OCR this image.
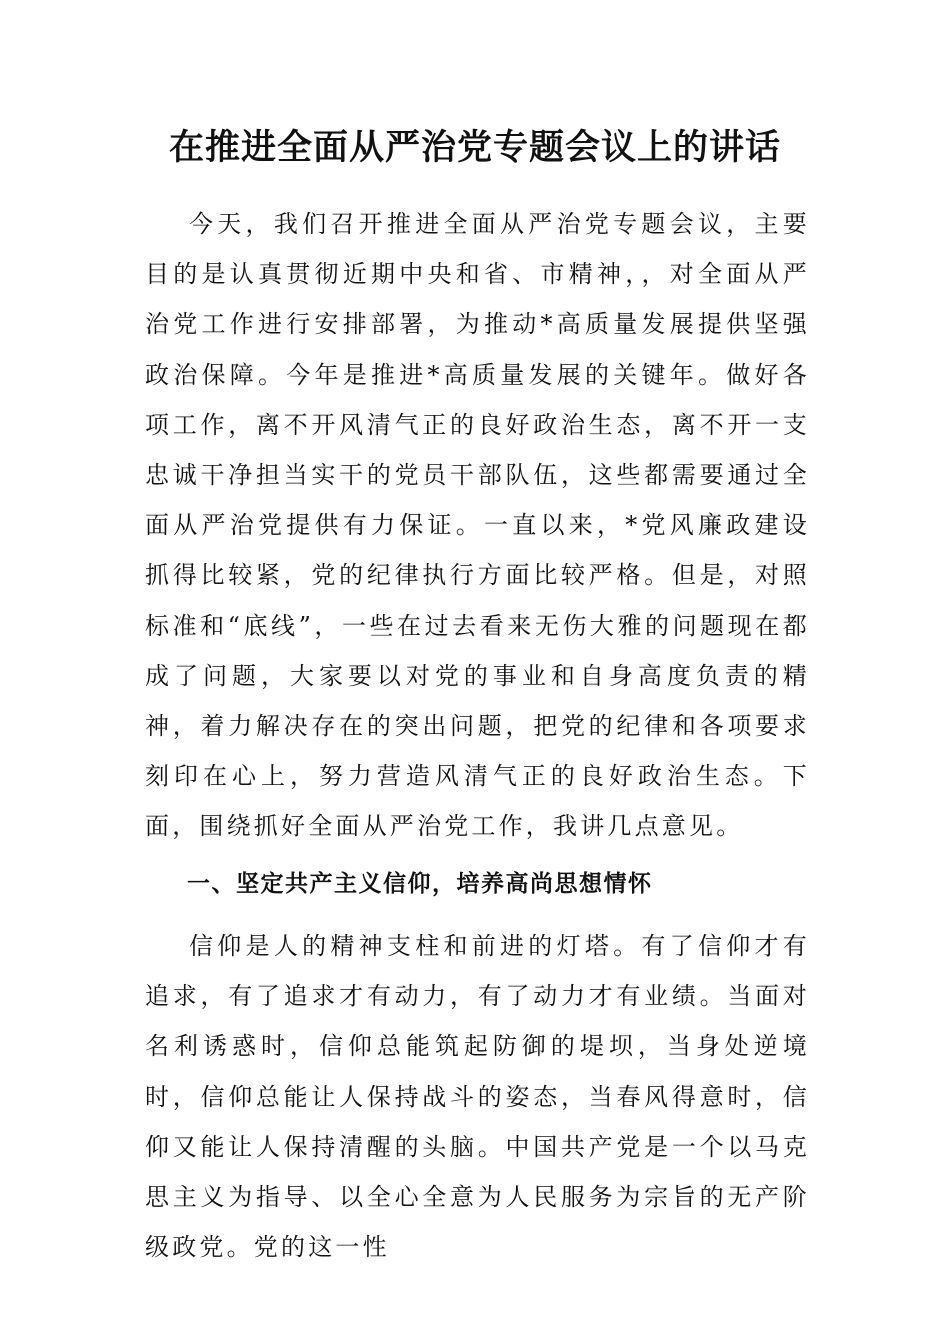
在推进全面从严治党专题会议上的讲话

今天，我们召开推进全面从严治党专题会议，主要目的是认真贯彻近期中央和省、市精神，，对全面从严治党工作进行安排部署，为推动*高质量发展提供坚强政治保障。今年是推进*高质量发展的关键年。做好各项工作，离不开风清气正的良好政治生态，离不开一支忠诚干净担当实干的党员干部队伍，这些都需要通过全面从严治党提供有力保证。一直以来，*党风廉政建设抓得比较紧，党的纪律执行方面比较严格。但是，对照标准和“底线”，一些在过去看来无伤大雅的问题现在都成了问题，大家要以对党的事业和自身高度负责的精神，着力解决存在的突出问题，把党的纪律和各项要求刻印在心上，努力营造风清气正的良好政治生态。下面，围绕抓好全面从严治党工作，我讲几点意见。

一、坚定共产主义信仰，培养高尚思想情怀

信仰是人的精神支柱和前进的灯塔。有了信仰才有追求，有了追求才有动力，有了动力才有业绩。当面对名利诱惑时，信仰总能筑起防御的堤坝，当身处逆境时，信仰总能让人保持战斗的姿态，当春风得意时，信仰又能让人保持清醒的头脑。中国共产党是一个以马克思主义为指导、以全心全意为人民服务为宗旨的无产阶级政党。党的这一性
